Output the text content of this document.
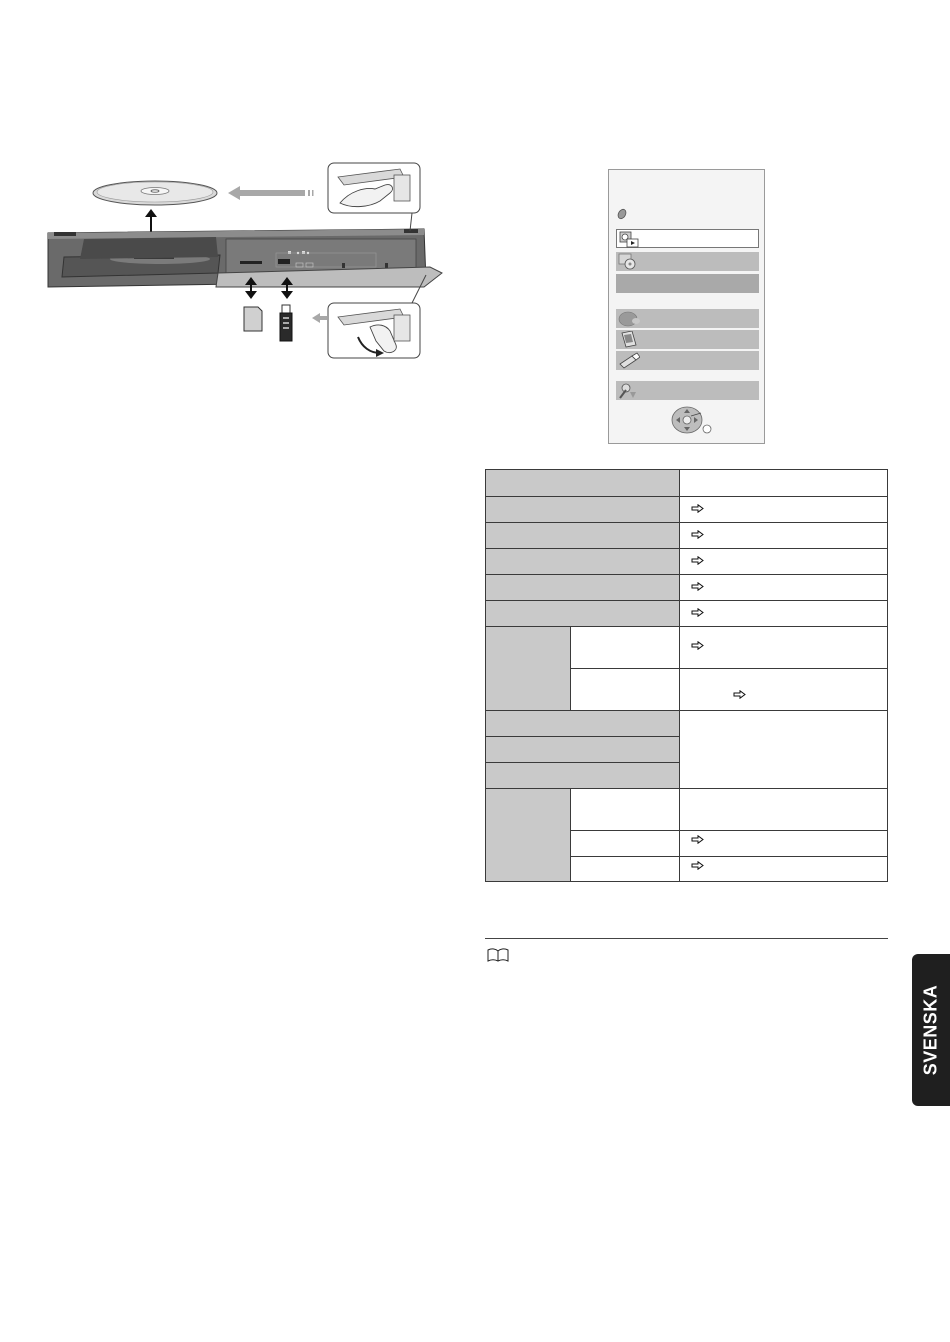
SVENSKA
